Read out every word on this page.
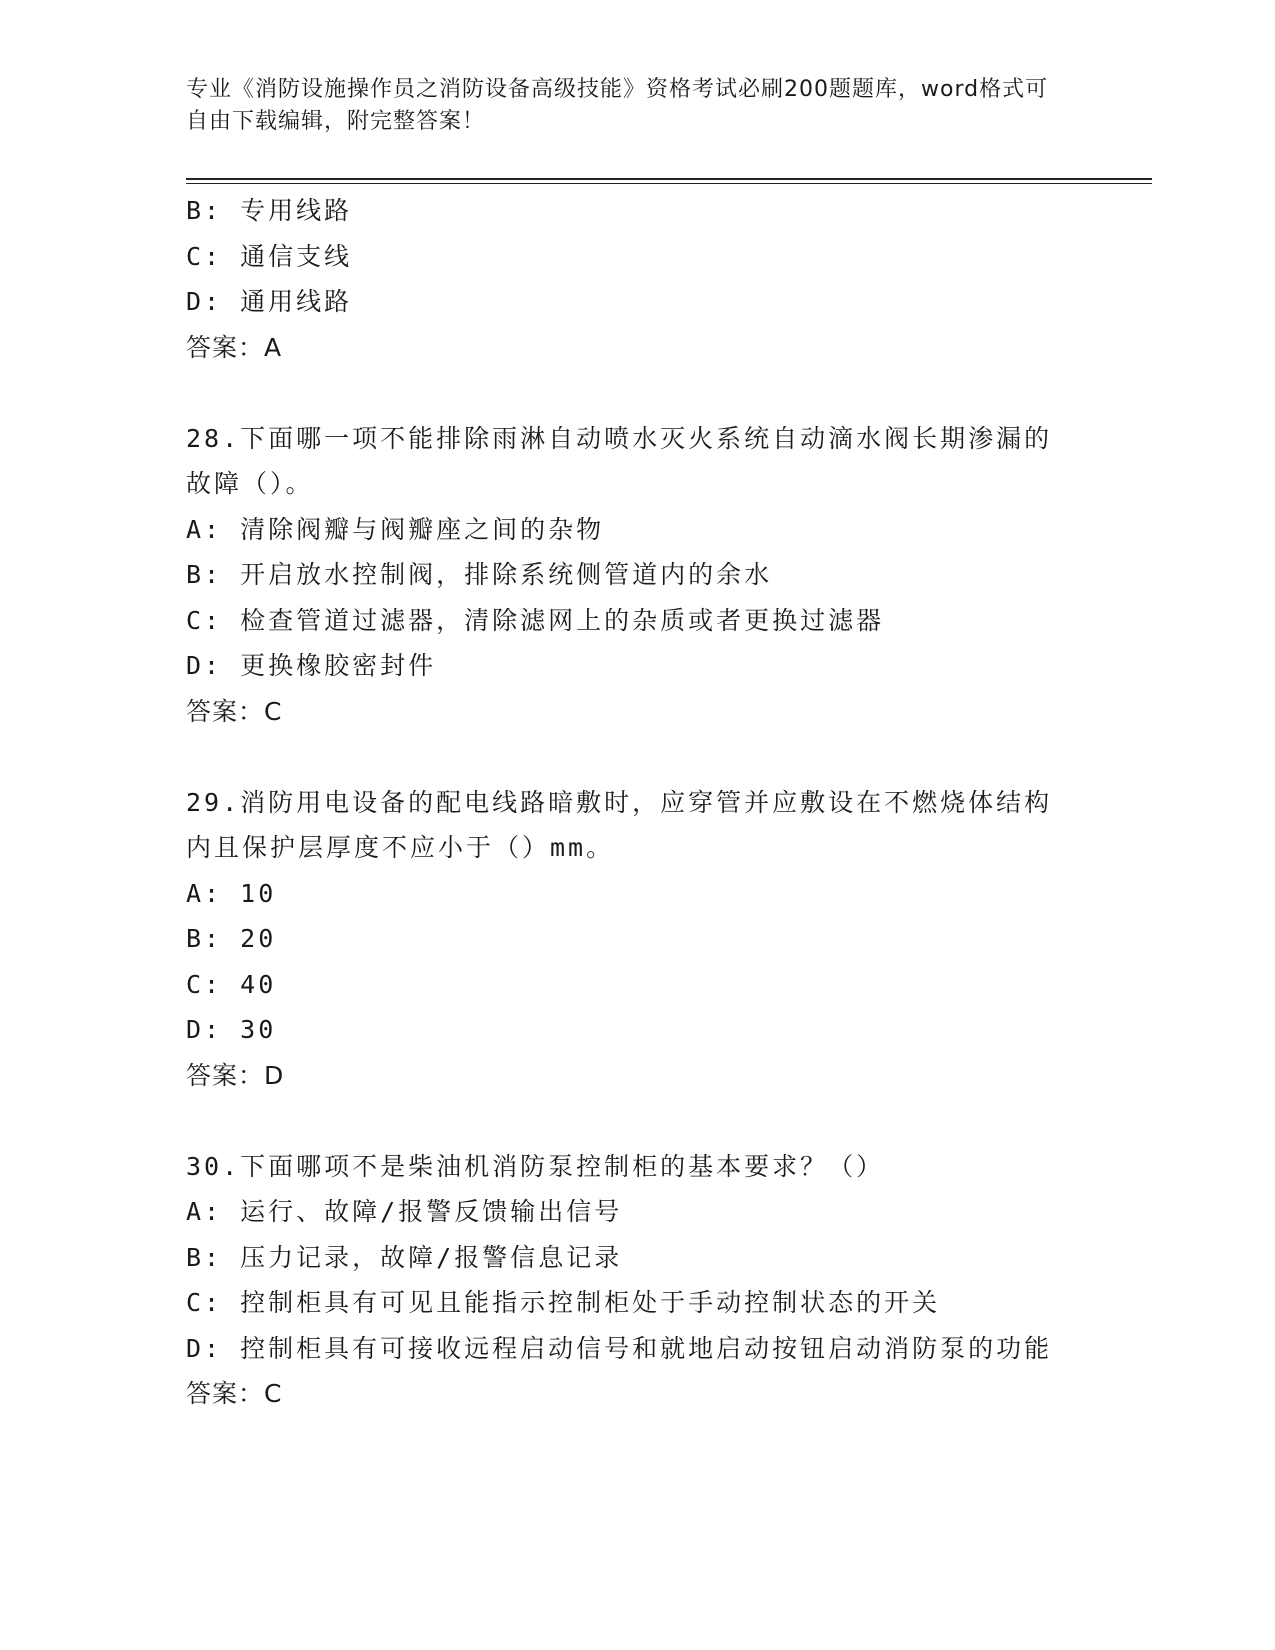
专业《消防设施操作员之消防设备高级技能》资格考试必刷200题题库，word格式可自由下载编辑，附完整答案！
B: 专用线路
C: 通信支线
D: 通用线路
答案：A
28.下面哪一项不能排除雨淋自动喷水灭火系统自动滴水阀长期渗漏的
故障（）。
A: 清除阀瓣与阀瓣座之间的杂物
B: 开启放水控制阀，排除系统侧管道内的余水
C: 检查管道过滤器，清除滤网上的杂质或者更换过滤器
D: 更换橡胶密封件
答案：C
29.消防用电设备的配电线路暗敷时，应穿管并应敷设在不燃烧体结构
内且保护层厚度不应小于（）mm。
A: 10
B: 20
C: 40
D: 30
答案：D
30.下面哪项不是柴油机消防泵控制柜的基本要求？（）
A: 运行、故障/报警反馈输出信号
B: 压力记录，故障/报警信息记录
C: 控制柜具有可见且能指示控制柜处于手动控制状态的开关
D: 控制柜具有可接收远程启动信号和就地启动按钮启动消防泵的功能
答案：C
